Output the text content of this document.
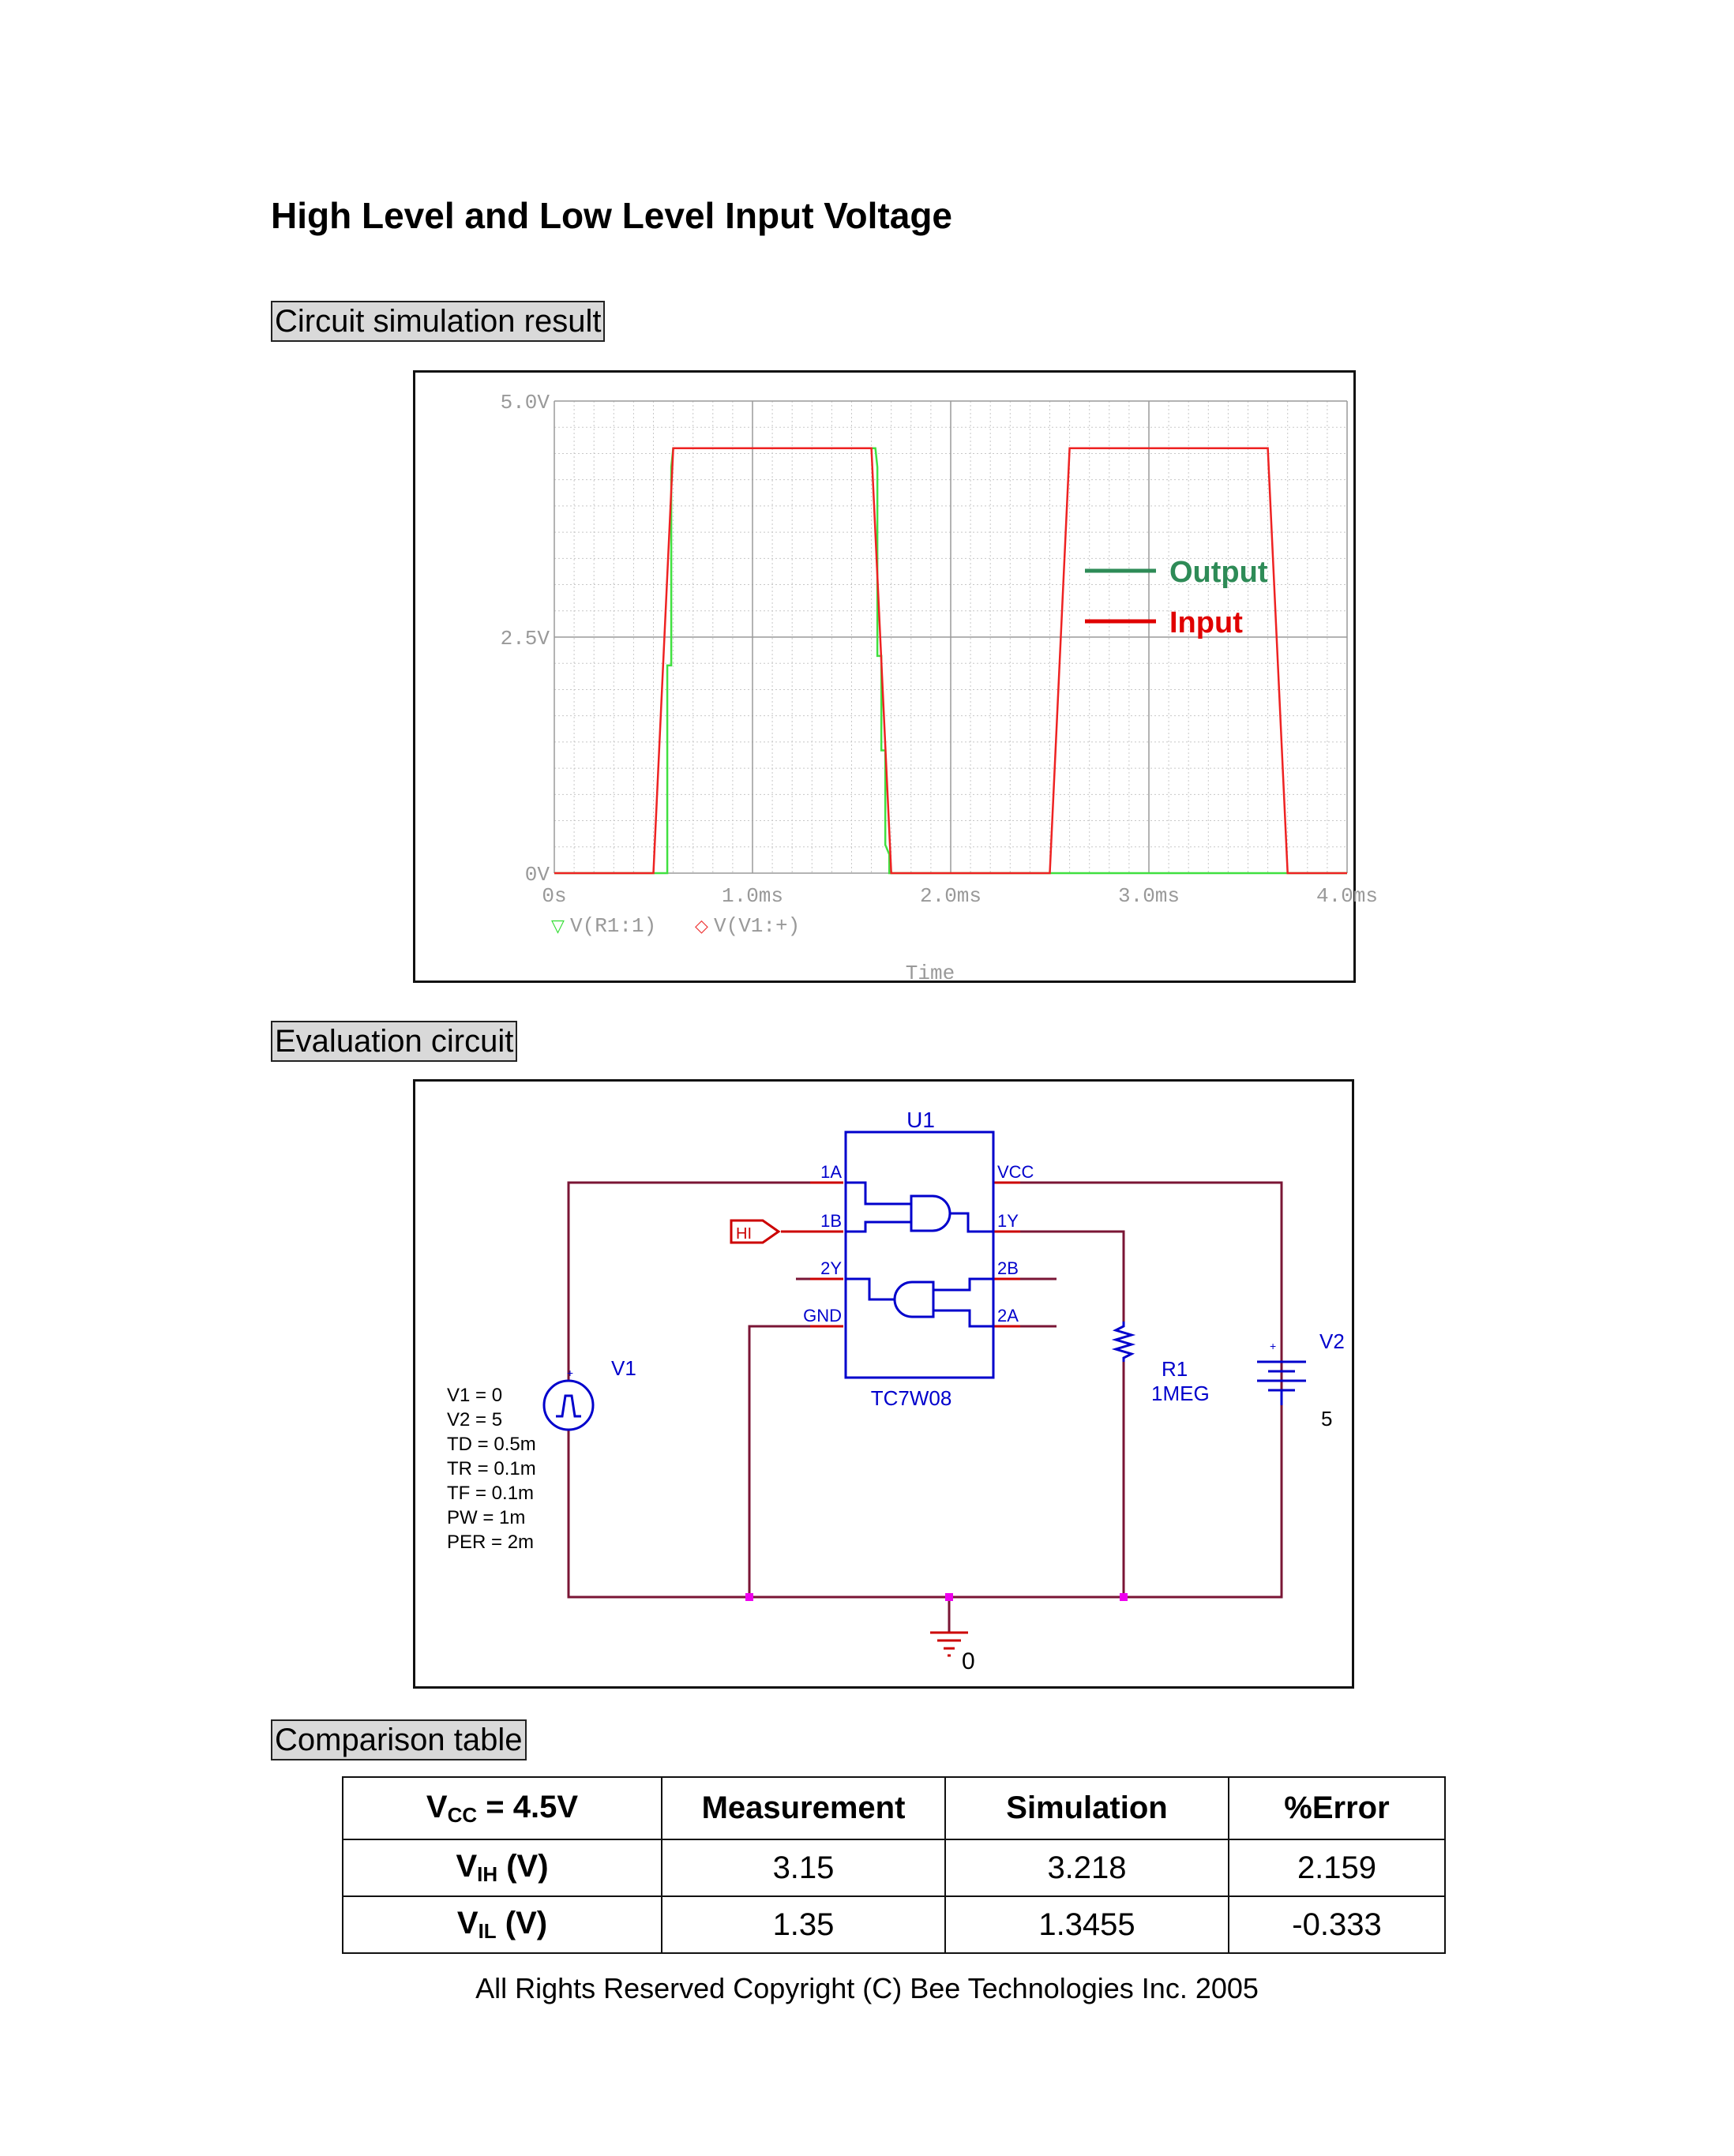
High Level and Low Level Input Voltage
Circuit simulation result
0s	1.0ms	2.0ms	3.0ms	4.0ms
0V
2.5V
5.0V
Output
Input
▽ V(R1:1) ◇ V(V1:+)
Time
Evaluation circuit
U1
TC7W08
1A
1B
2Y
GND
VCC
1Y
2B
2A
HI
+ V1
V1 = 0
V2 = 5
TD = 0.5m
TR = 0.1m
TF = 0.1m
PW = 1m
PER = 2m
R1
1MEG
+ V2
5
0
Comparison table
$V_{CC} = 4.5V$	Measurement	Simulation	%Error
$V_{IH}$ (V)	3.15	3.218	2.159
$V_{IL}$ (V)	1.35	1.3455	-0.333
All Rights Reserved Copyright (C) Bee Technologies Inc. 2005
